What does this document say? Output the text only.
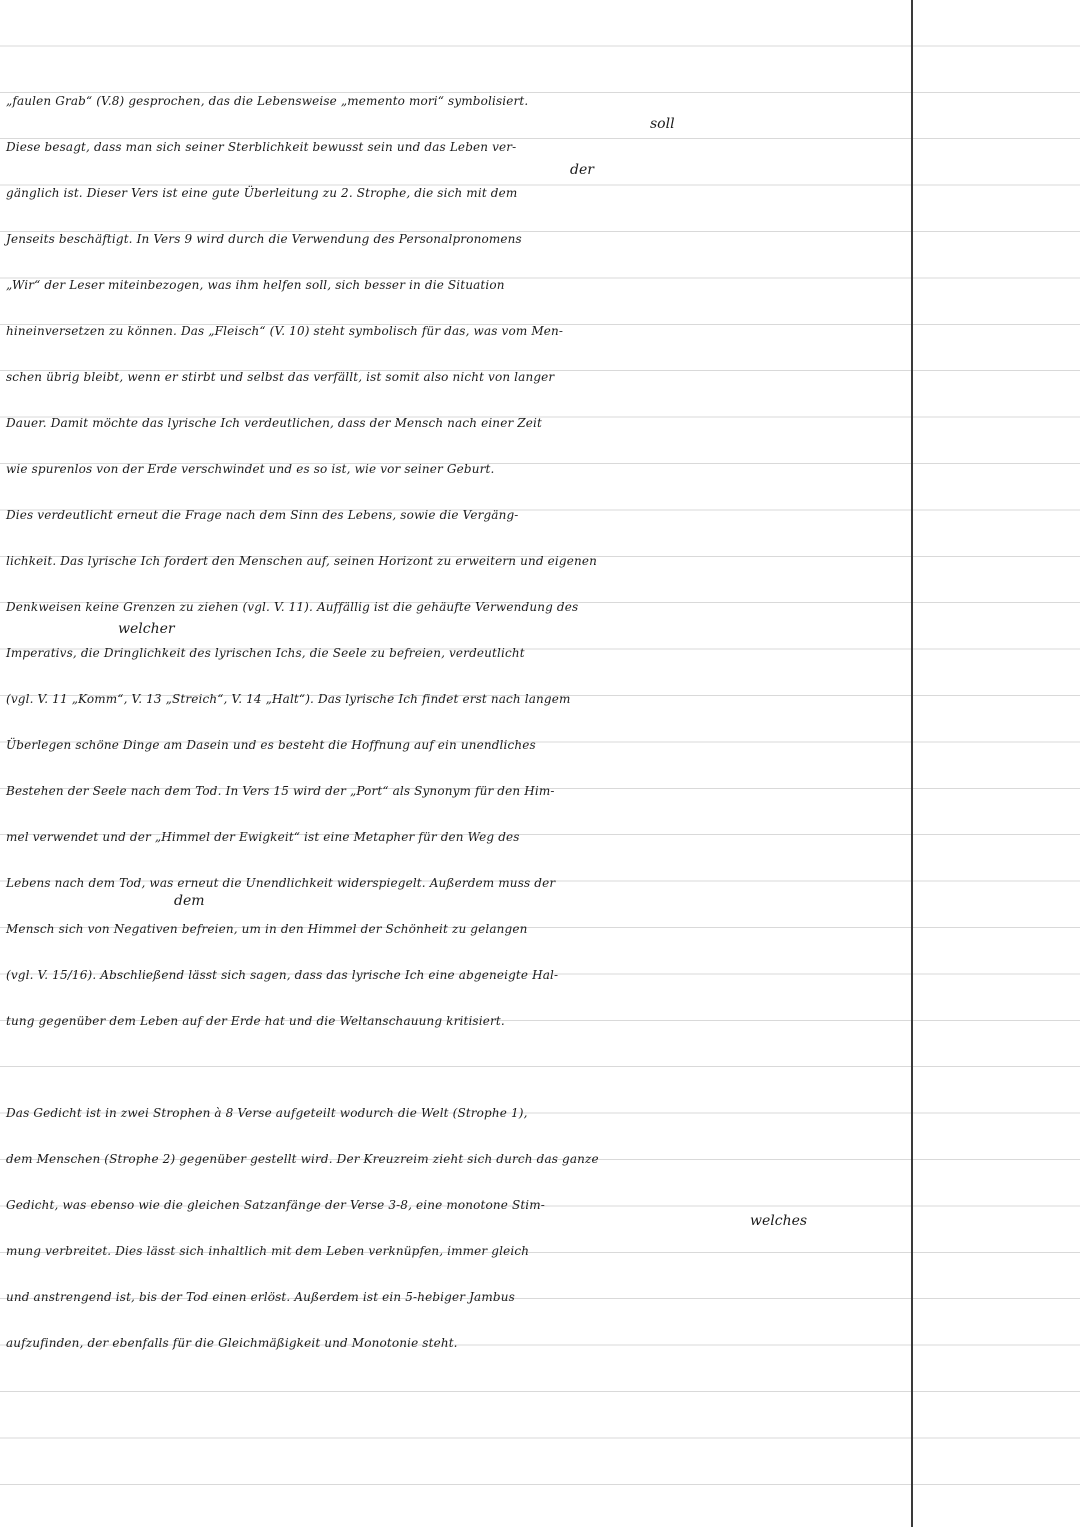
„faulen Grab“ (V.8) gesprochen, das die Lebensweise „memento mori“ symbolisiert.
Diese besagt, dass man sich seiner Sterblichkeit bewusst sein und das Leben ver-
gänglich ist. Dieser Vers ist eine gute Überleitung zu 2. Strophe, die sich mit dem
Jenseits beschäftigt. In Vers 9 wird durch die Verwendung des Personalpronomens
„Wir“ der Leser miteinbezogen, was ihm helfen soll, sich besser in die Situation
hineinversetzen zu können. Das „Fleisch“ (V. 10) steht symbolisch für das, was vom Men-
schen übrig bleibt, wenn er stirbt und selbst das verfällt, ist somit also nicht von langer
Dauer. Damit möchte das lyrische Ich verdeutlichen, dass der Mensch nach einer Zeit
wie spurenlos von der Erde verschwindet und es so ist, wie vor seiner Geburt.
Dies verdeutlicht erneut die Frage nach dem Sinn des Lebens, sowie die Vergäng-
lichkeit. Das lyrische Ich fordert den Menschen auf, seinen Horizont zu erweitern und eigenen
Denkweisen keine Grenzen zu ziehen (vgl. V. 11). Auffällig ist die gehäufte Verwendung des
Imperativs, die Dringlichkeit des lyrischen Ichs, die Seele zu befreien, verdeutlicht
(vgl. V. 11 „Komm“, V. 13 „Streich“, V. 14 „Halt“). Das lyrische Ich findet erst nach langem
Überlegen schöne Dinge am Dasein und es besteht die Hoffnung auf ein unendliches
Bestehen der Seele nach dem Tod. In Vers 15 wird der „Port“ als Synonym für den Him-
mel verwendet und der „Himmel der Ewigkeit“ ist eine Metapher für den Weg des
Lebens nach dem Tod, was erneut die Unendlichkeit widerspiegelt. Außerdem muss der
Mensch sich von Negativen befreien, um in den Himmel der Schönheit zu gelangen
(vgl. V. 15/16). Abschließend lässt sich sagen, dass das lyrische Ich eine abgeneigte Hal-
tung gegenüber dem Leben auf der Erde hat und die Weltanschauung kritisiert.
Das Gedicht ist in zwei Strophen à 8 Verse aufgeteilt wodurch die Welt (Strophe 1),
dem Menschen (Strophe 2) gegenüber gestellt wird. Der Kreuzreim zieht sich durch das ganze
Gedicht, was ebenso wie die gleichen Satzanfänge der Verse 3-8, eine monotone Stim-
mung verbreitet. Dies lässt sich inhaltlich mit dem Leben verknüpfen, immer gleich
und anstrengend ist, bis der Tod einen erlöst. Außerdem ist ein 5-hebiger Jambus
aufzufinden, der ebenfalls für die Gleichmäßigkeit und Monotonie steht.
soll
der
welcher
dem
welches
